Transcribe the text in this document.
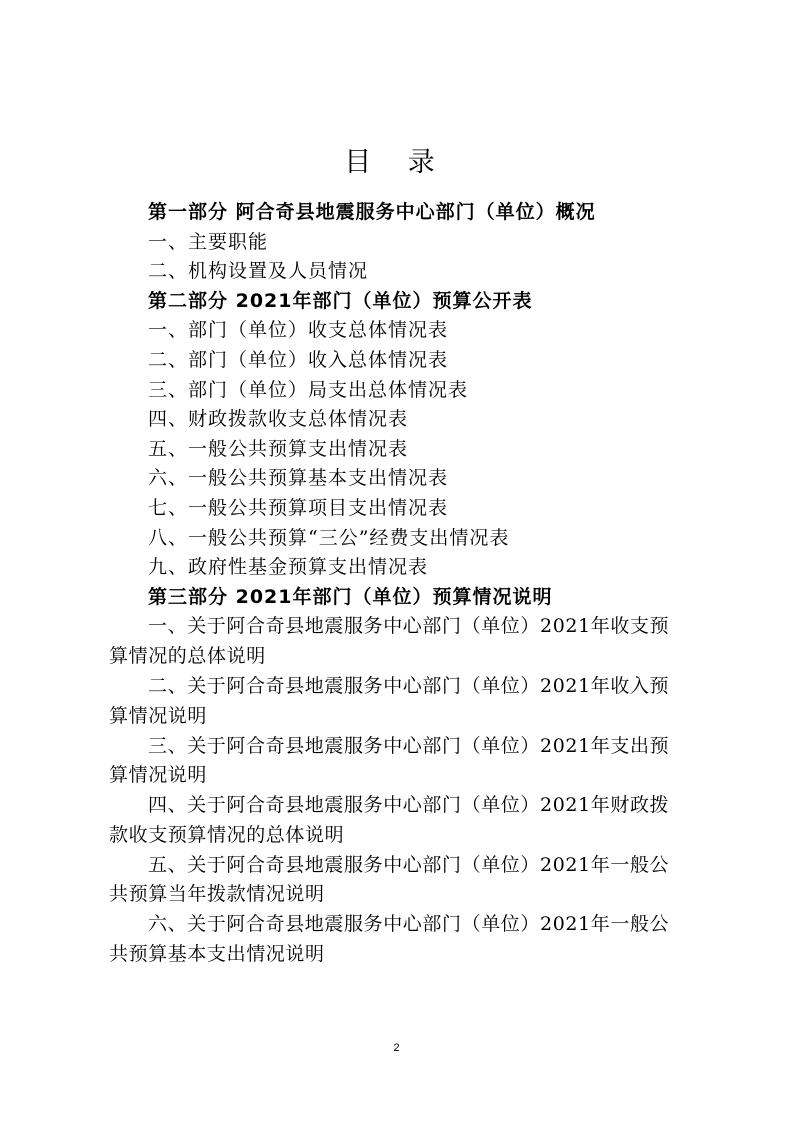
目 录
第一部分 阿合奇县地震服务中心部门（单位）概况
一、主要职能
二、机构设置及人员情况
第二部分 2021年部门（单位）预算公开表
一、部门（单位）收支总体情况表
二、部门（单位）收入总体情况表
三、部门（单位）局支出总体情况表
四、财政拨款收支总体情况表
五、一般公共预算支出情况表
六、一般公共预算基本支出情况表
七、一般公共预算项目支出情况表
八、一般公共预算“三公”经费支出情况表
九、政府性基金预算支出情况表
第三部分 2021年部门（单位）预算情况说明
一、关于阿合奇县地震服务中心部门（单位）2021年收支预
算情况的总体说明
二、关于阿合奇县地震服务中心部门（单位）2021年收入预
算情况说明
三、关于阿合奇县地震服务中心部门（单位）2021年支出预
算情况说明
四、关于阿合奇县地震服务中心部门（单位）2021年财政拨
款收支预算情况的总体说明
五、关于阿合奇县地震服务中心部门（单位）2021年一般公
共预算当年拨款情况说明
六、关于阿合奇县地震服务中心部门（单位）2021年一般公
共预算基本支出情况说明
2
